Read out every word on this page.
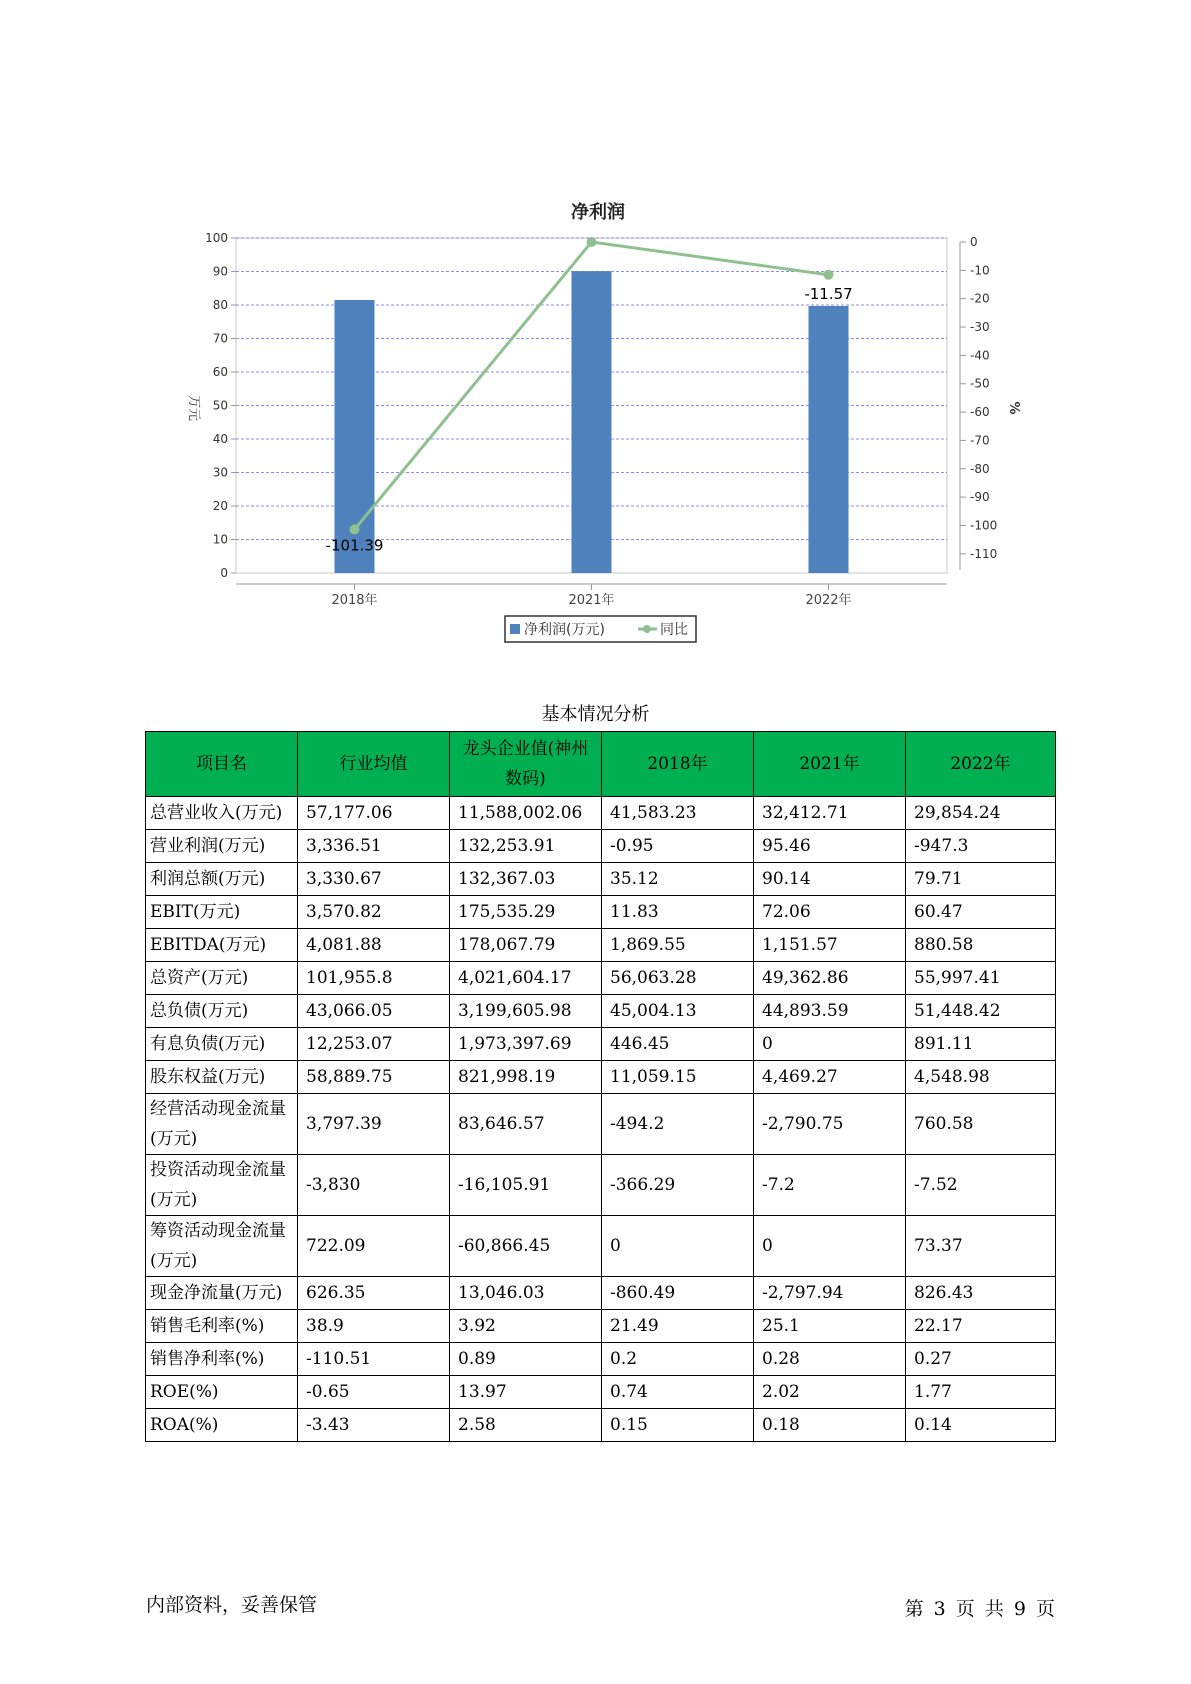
0
10
20
30
40
50
60
70
80
90
100	0
-10
-20
-30
-40
-50
-60
-70
-80
-90
-100
-110
2018年	2021年	2022年
净利润
万元	%
-101.39
-11.57
净利润(万元)	同比
基本情况分析
项目名	行业均值	龙头企业值(神州数码)	2018年	2021年	2022年
总营业收入(万元)	57,177.06	11,588,002.06	41,583.23	32,412.71	29,854.24
营业利润(万元)	3,336.51	132,253.91	-0.95	95.46	-947.3
利润总额(万元)	3,330.67	132,367.03	35.12	90.14	79.71
EBIT(万元)	3,570.82	175,535.29	11.83	72.06	60.47
EBITDA(万元)	4,081.88	178,067.79	1,869.55	1,151.57	880.58
总资产(万元)	101,955.8	4,021,604.17	56,063.28	49,362.86	55,997.41
总负债(万元)	43,066.05	3,199,605.98	45,004.13	44,893.59	51,448.42
有息负债(万元)	12,253.07	1,973,397.69	446.45	0	891.11
股东权益(万元)	58,889.75	821,998.19	11,059.15	4,469.27	4,548.98
经营活动现金流量(万元)	3,797.39	83,646.57	-494.2	-2,790.75	760.58
投资活动现金流量(万元)	-3,830	-16,105.91	-366.29	-7.2	-7.52
筹资活动现金流量(万元)	722.09	-60,866.45	0	0	73.37
现金净流量(万元)	626.35	13,046.03	-860.49	-2,797.94	826.43
销售毛利率(%)	38.9	3.92	21.49	25.1	22.17
销售净利率(%)	-110.51	0.89	0.2	0.28	0.27
ROE(%)	-0.65	13.97	0.74	2.02	1.77
ROA(%)	-3.43	2.58	0.15	0.18	0.14
内部资料，妥善保管	第 3 页 共 9 页
